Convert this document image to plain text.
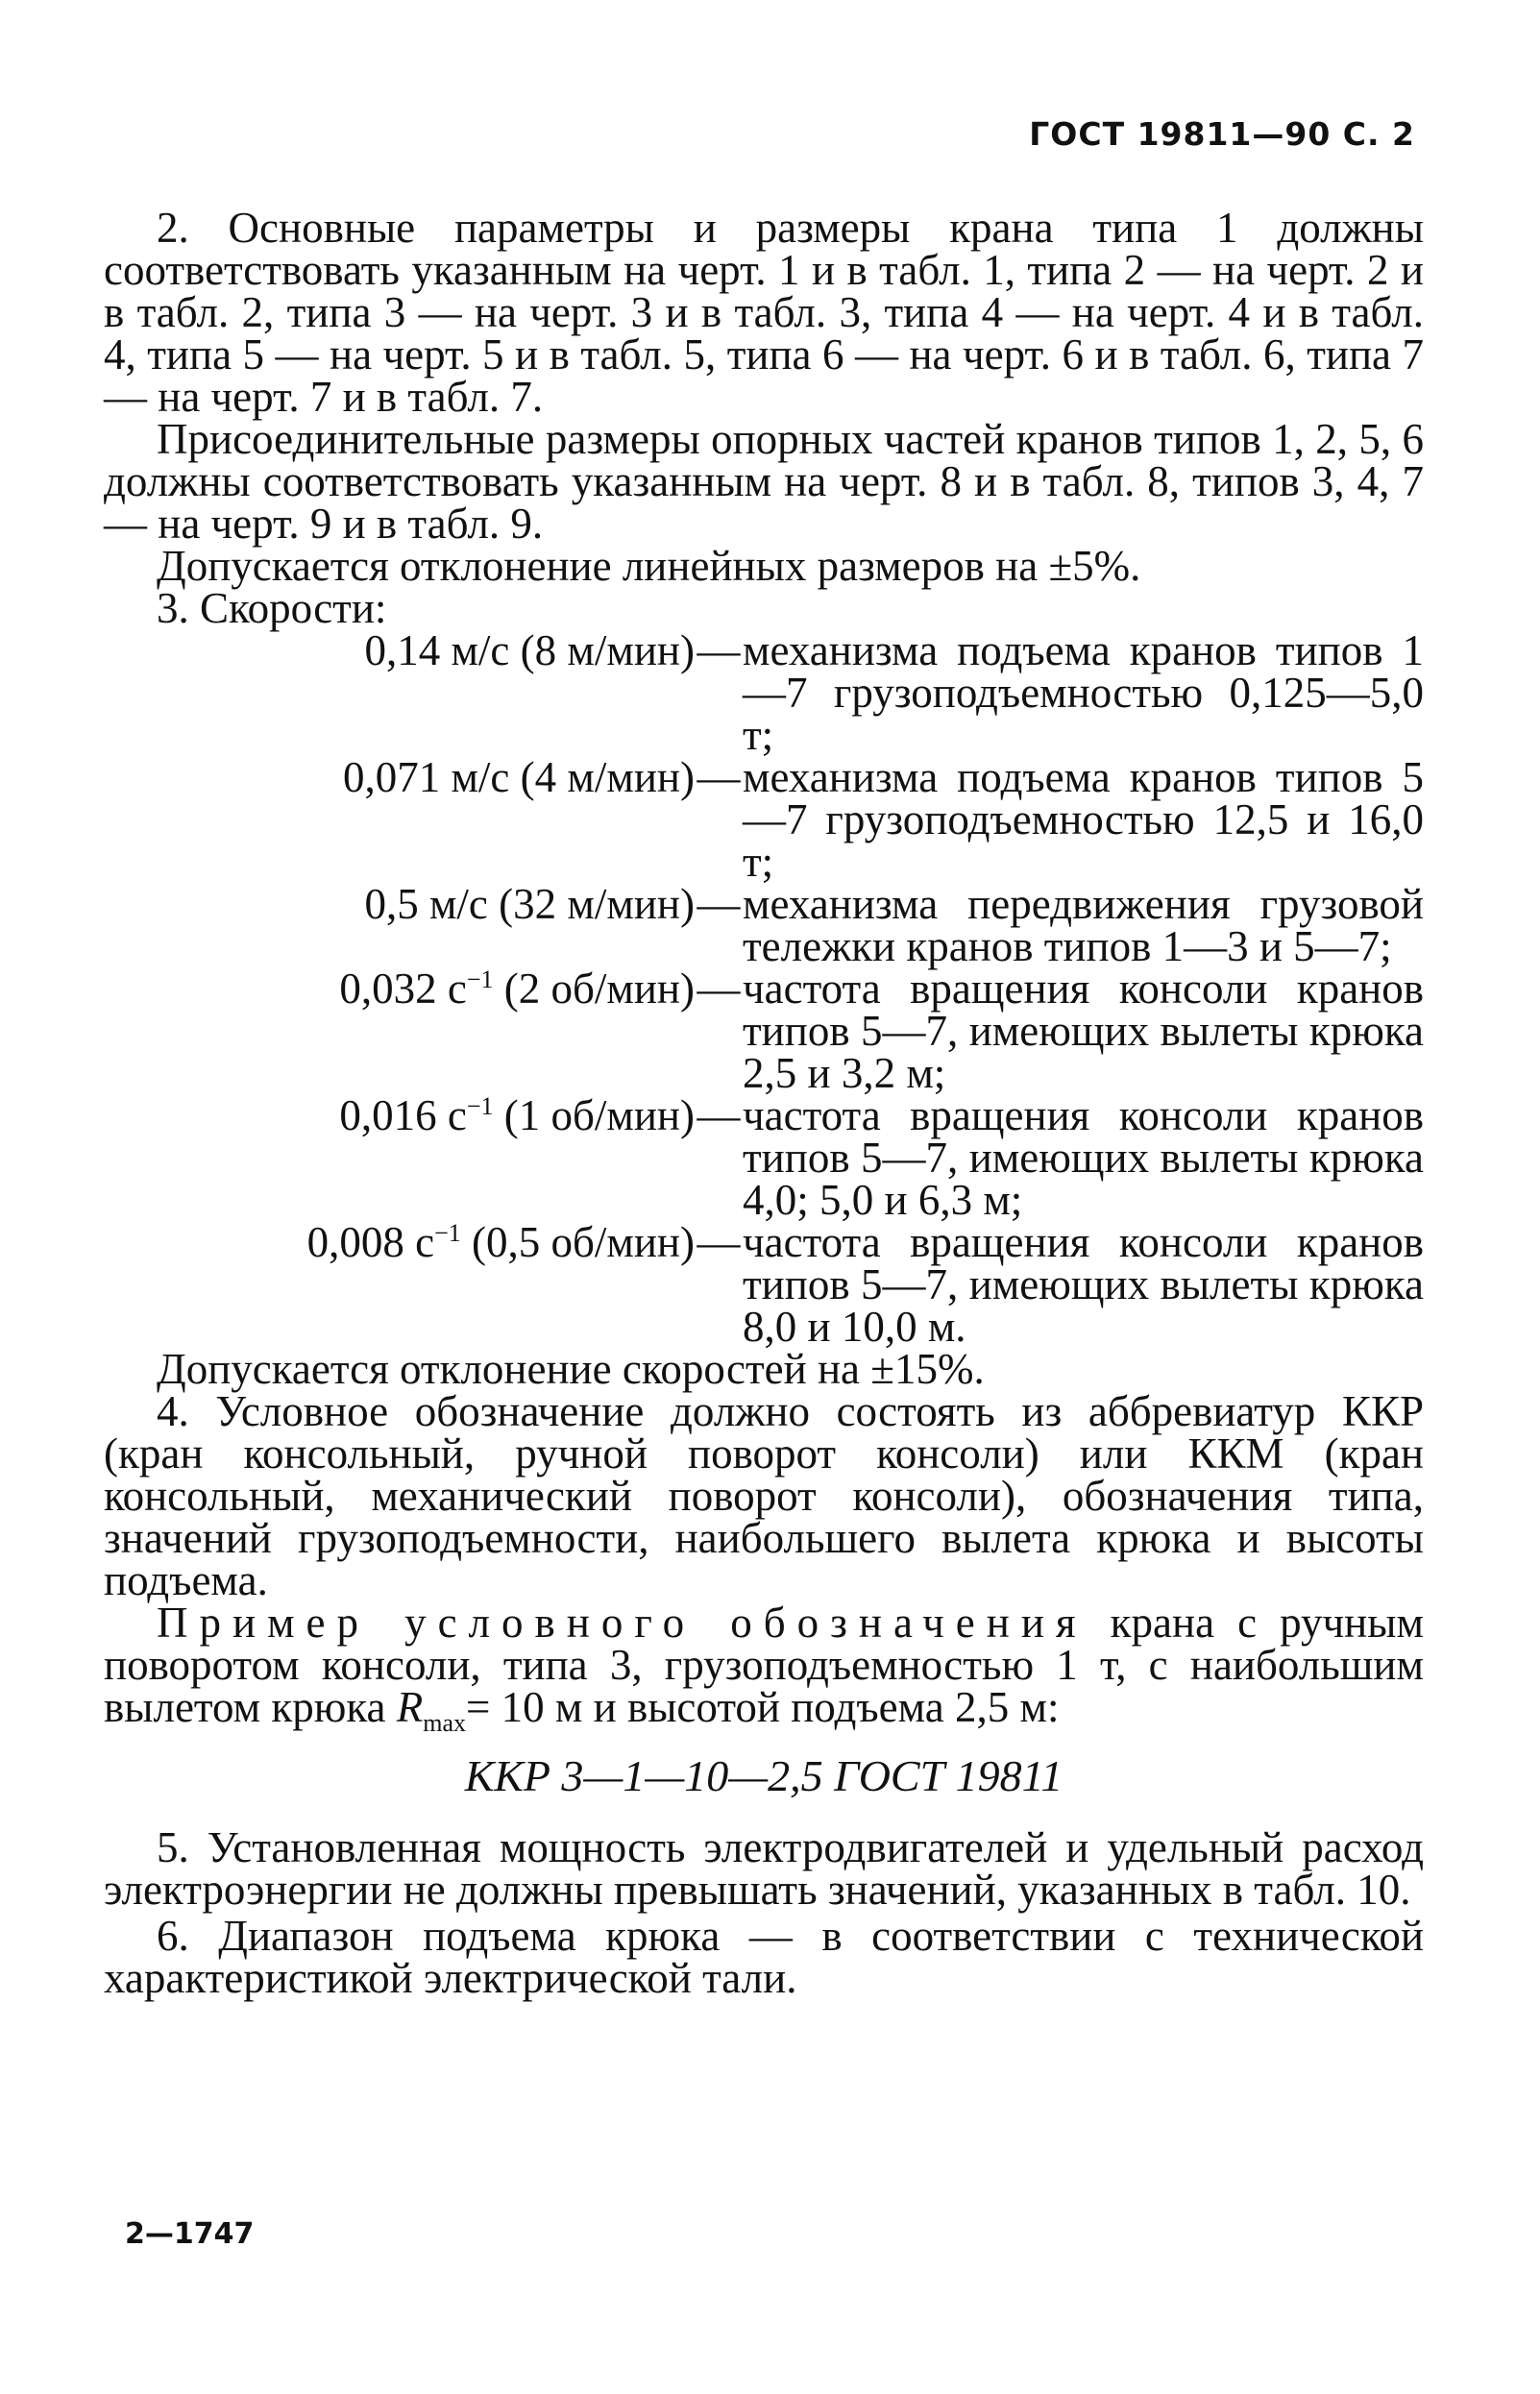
ГОСТ 19811—90 С. 2

2. Основные параметры и размеры крана типа 1 должны соответствовать указанным на черт. 1 и в табл. 1, типа 2 — на черт. 2 и в табл. 2, типа 3 — на черт. 3 и в табл. 3, типа 4 — на черт. 4 и в табл. 4, типа 5 — на черт. 5 и в табл. 5, типа 6 — на черт. 6 и в табл. 6, типа 7 — на черт. 7 и в табл. 7.

Присоединительные размеры опорных частей кранов типов 1, 2, 5, 6 должны соответствовать указанным на черт. 8 и в табл. 8, типов 3, 4, 7 — на черт. 9 и в табл. 9.

Допускается отклонение линейных размеров на ±5%.

3. Скорости:

0,14 м/с (8 м/мин) — механизма подъема кранов типов 1—7 грузоподъемностью 0,125—5,0 т;
0,071 м/с (4 м/мин) — механизма подъема кранов типов 5—7 грузоподъемностью 12,5 и 16,0 т;
0,5 м/с (32 м/мин) — механизма передвижения грузовой тележки кранов типов 1—3 и 5—7;
0,032 $с^{-1}$ (2 об/мин) — частота вращения консоли кранов типов 5—7, имеющих вылеты крюка 2,5 и 3,2 м;
0,016 $с^{-1}$ (1 об/мин) — частота вращения консоли кранов типов 5—7, имеющих вылеты крюка 4,0; 5,0 и 6,3 м;
0,008 $с^{-1}$ (0,5 об/мин) — частота вращения консоли кранов типов 5—7, имеющих вылеты крюка 8,0 и 10,0 м.

Допускается отклонение скоростей на ±15%.

4. Условное обозначение должно состоять из аббревиатур ККР (кран консольный, ручной поворот консоли) или ККМ (кран консольный, механический поворот консоли), обозначения типа, значений грузоподъемности, наибольшего вылета крюка и высоты подъема.

Пример условного обозначения крана с ручным поворотом консоли, типа 3, грузоподъемностью 1 т, с наибольшим вылетом крюка $R_{max}= 10$ м и высотой подъема 2,5 м:

ККР 3—1—10—2,5 ГОСТ 19811

5. Установленная мощность электродвигателей и удельный расход электроэнергии не должны превышать значений, указанных в табл. 10.

6. Диапазон подъема крюка — в соответствии с технической характеристикой электрической тали.

2—1747
